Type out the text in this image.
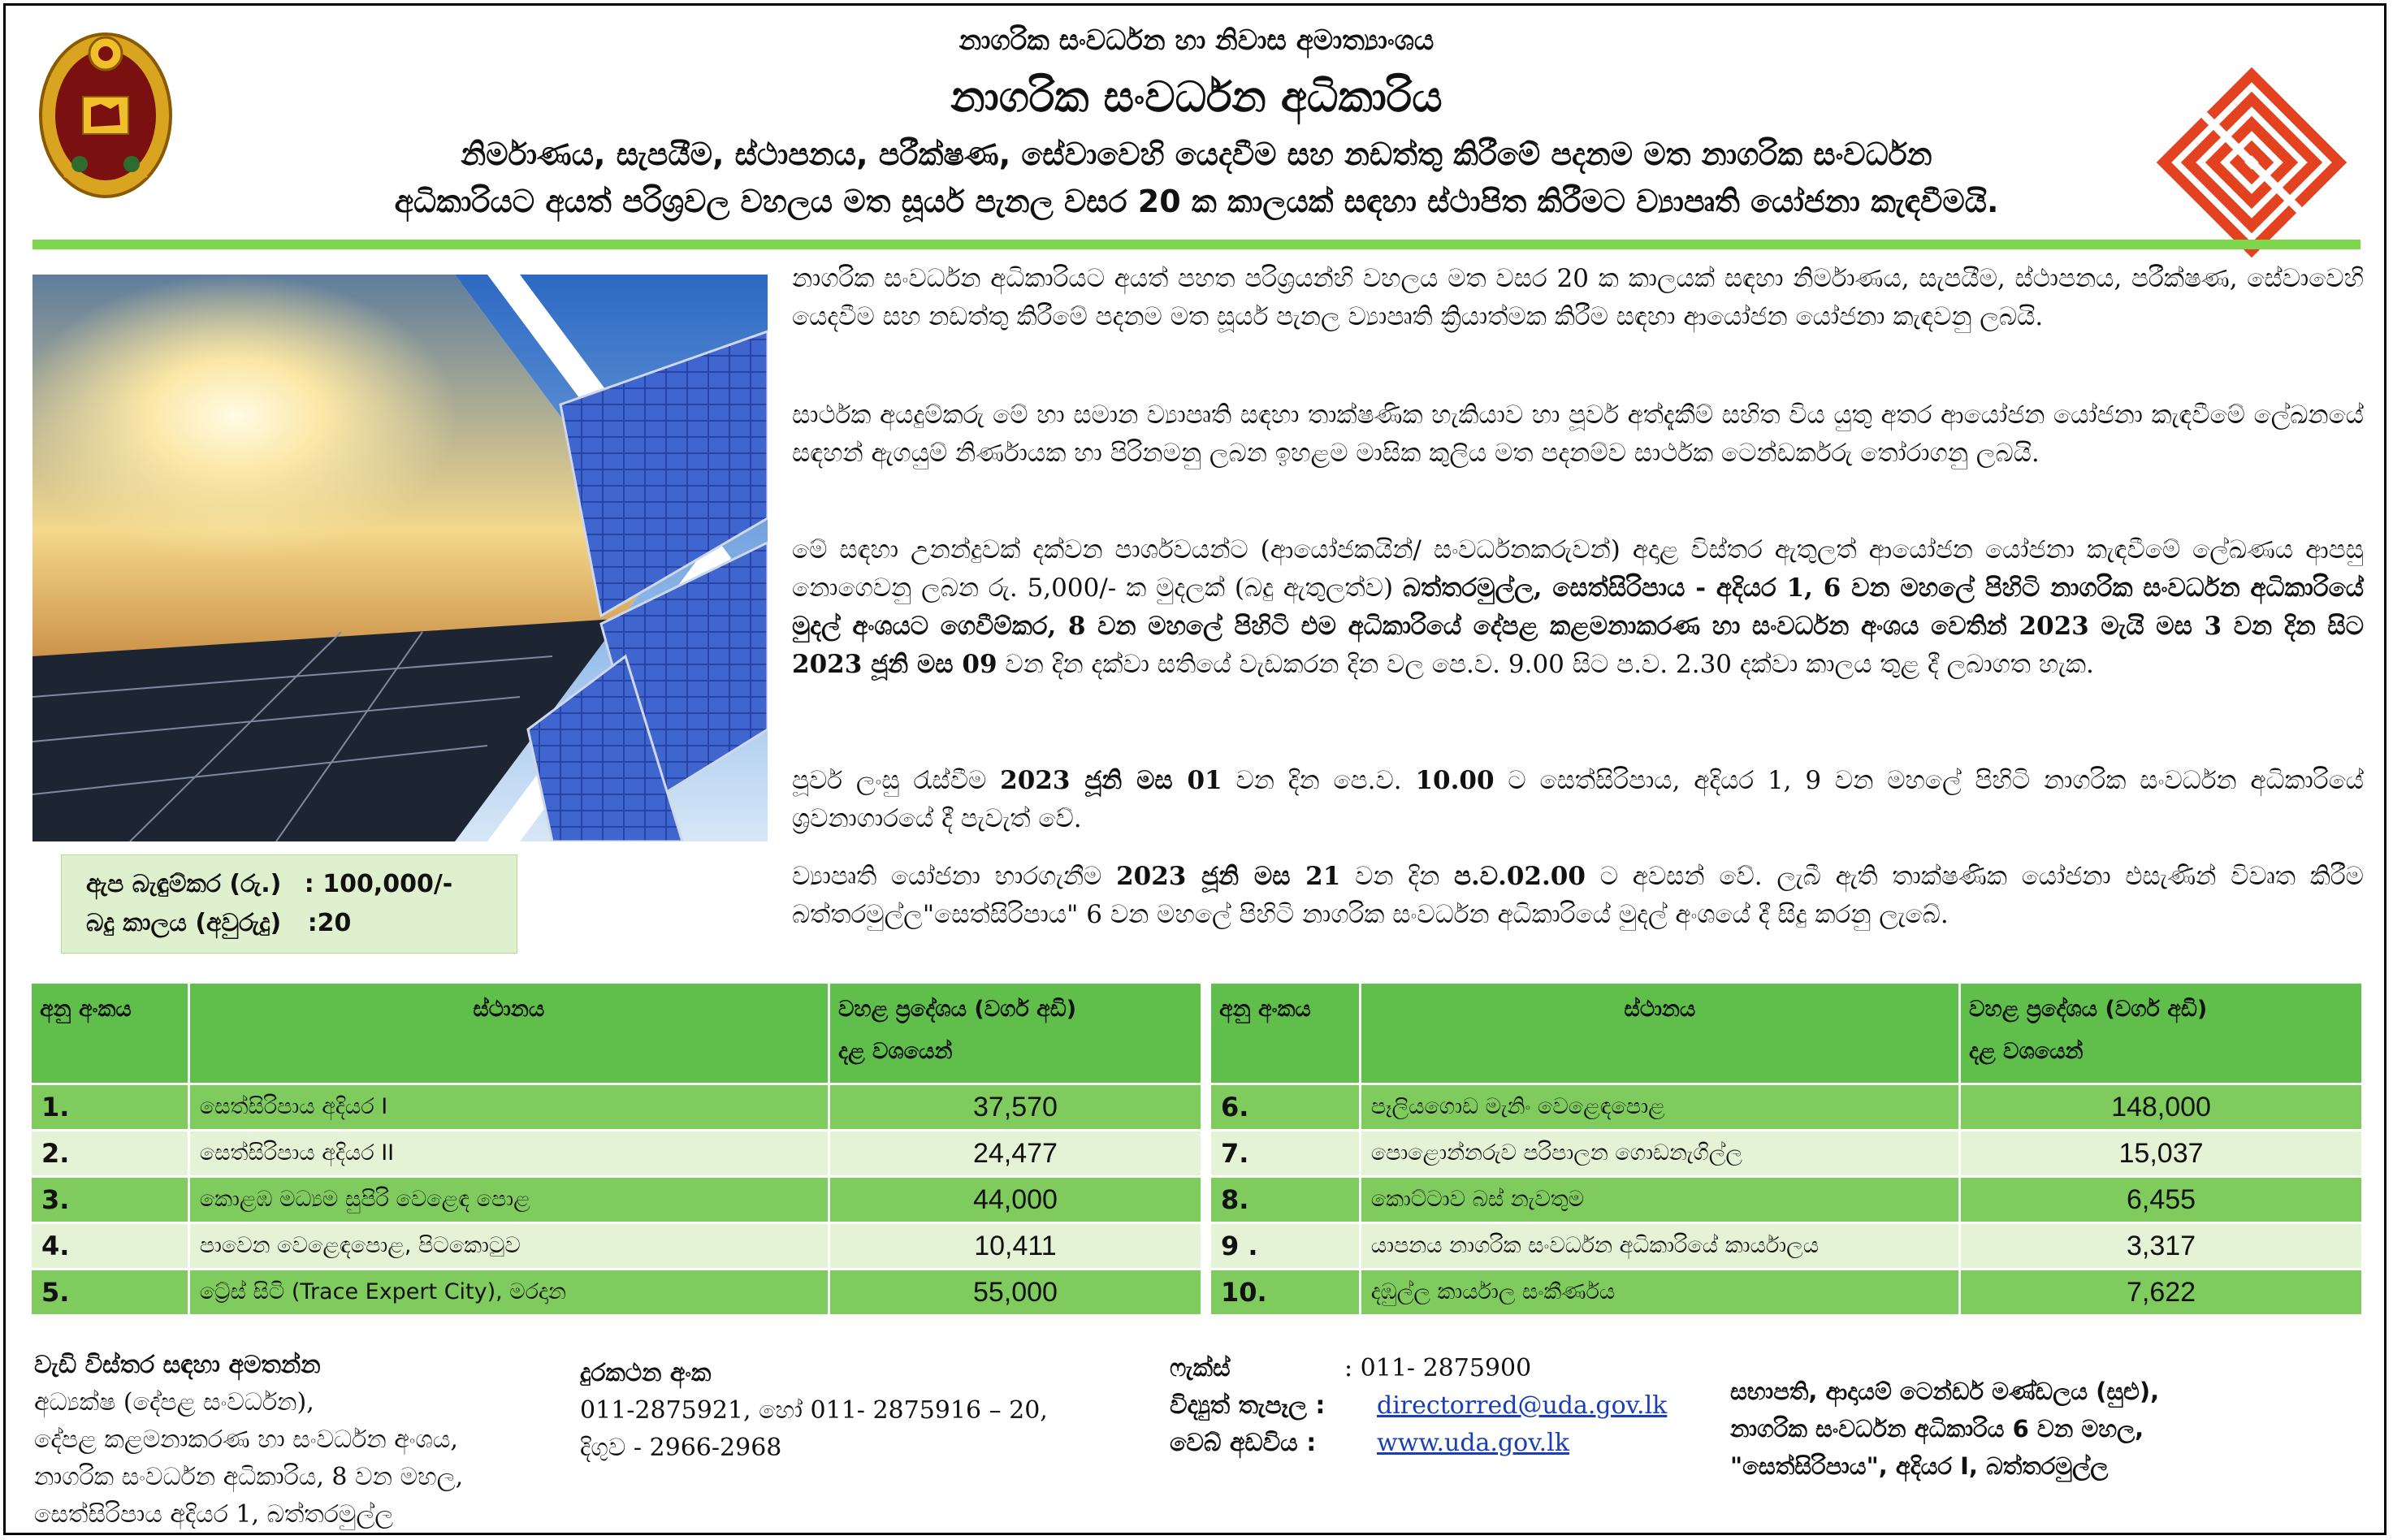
නාගරික සංවර්ධන හා නිවාස අමාත්‍යාංශය
නාගරික සංවර්ධන අධිකාරිය
නිර්මාණය, සැපයීම, ස්ථාපනය, පරීක්ෂණ, සේවාවෙහි යෙදවීම සහ නඩත්තු කිරීමේ පදනම මත නාගරික සංවර්ධන
අධිකාරියට අයත් පරිශ්‍රවල වහලය මත සූර්ය පැනල වසර 20 ක කාලයක් සඳහා ස්ථාපිත කිරීමට ව්‍යාපෘති යෝජනා කැඳවීමයි.
ඇප බැඳුම්කර (රු.) : 100,000/-
බදු කාලය (අවුරුදු) :20

නාගරික සංවර්ධන අධිකාරියට අයත් පහත පරිශ්‍රයන්හි වහලය මත වසර 20 ක කාලයක් සඳහා නිර්මාණය, සැපයීම, ස්ථාපනය, පරීක්ෂණ, සේවාවෙහි යෙදවීම සහ නඩත්තු කිරීමේ පදනම මත සූර්ය පැනල ව්‍යාපෘති ක්‍රියාත්මක කිරීම සඳහා ආයෝජන යෝජනා කැඳවනු ලබයි.

සාර්ථක අයදුම්කරු මේ හා සමාන ව්‍යාපෘති සඳහා තාක්ෂණික හැකියාව හා පූර්ව අත්දැකීම් සහිත විය යුතු අතර ආයෝජන යෝජනා කැඳවීමේ ලේඛනයේ සඳහන් ඇගයුම් නිර්ණායක හා පිරිනමනු ලබන ඉහළම මාසික කුලිය මත පදනම්ව සාර්ථක ටෙන්ඩර්කරු තෝරාගනු ලබයි.

මේ සඳහා උනන්දුවක් දක්වන පාර්ශවයන්ට (ආයෝජකයින්/ සංවර්ධනකරුවන්) අදාළ විස්තර ඇතුලත් ආයෝජන යෝජනා කැඳවීමේ ලේඛණය ආපසු නොගෙවනු ලබන රු. 5,000/- ක මුදලක් (බදු ඇතුලත්ව) බත්තරමුල්ල, සෙත්සිරිපාය - අදියර 1, 6 වන මහලේ පිහිටි නාගරික සංවර්ධන අධිකාරියේ මුදල් අංශයට ගෙවීම්කර, 8 වන මහලේ පිහිටි එම අධිකාරියේ දේපළ කළමනාකරණ හා සංවර්ධන අංශය වෙතින් 2023 මැයි මස 3 වන දින සිට 2023 ජූනි මස 09 වන දින දක්වා සතියේ වැඩකරන දින වල පෙ.ව. 9.00 සිට ප.ව. 2.30 දක්වා කාලය තුළ දී ලබාගත හැක.

පූර්ව ලංසු රැස්වීම 2023 ජූනි මස 01 වන දින පෙ.ව. 10.00 ට සෙත්සිරිපාය, අදියර 1, 9 වන මහලේ පිහිටි නාගරික සංවර්ධන අධිකාරියේ ශ්‍රවනාගාරයේ දී පැවැත් වේ.

ව්‍යාපෘති යෝජනා භාරගැනීම 2023 ජූනි මස 21 වන දින ප.ව.02.00 ට අවසන් වේ. ලැබී ඇති තාක්ෂණික යෝජනා එසැණින් විවෘත කිරීම බත්තරමුල්ල"සෙත්සිරිපාය" 6 වන මහලේ පිහිටි නාගරික සංවර්ධන අධිකාරියේ මුදල් අංශයේ දී සිදු කරනු ලැබේ.

අනු අංකය	ස්ථානය	වහළ ප්‍රදේශය (වර්ග අඩි)
දළ වශයෙන්
1.	සෙත්සිරිපාය අදියර I	37,570
2.	සෙත්සිරිපාය අදියර II	24,477
3.	කොළඹ මධ්‍යම සුපිරි වෙළෙඳ පොළ	44,000
4.	පාවෙන වෙළෙඳපොළ, පිටකොටුව	10,411
5.	ට්‍රේස් සිටි (Trace Expert City), මරදාන	55,000
අනු අංකය	ස්ථානය	වහළ ප්‍රදේශය (වර්ග අඩි)
දළ වශයෙන්
6.	පෑලියගොඩ මැනිං වෙළෙඳපොළ	148,000
7.	පොළොන්නරුව පරිපාලන ගොඩනැගිල්ල	15,037
8.	කොට්ටාව බස් නැවතුම	6,455
9 .	යාපනය නාගරික සංවර්ධන අධිකාරියේ කාර්යාලය	3,317
10.	දඹුල්ල කාර්යාල සංකීර්ණය	7,622
වැඩි විස්තර සඳහා අමතන්න
අධ්‍යක්ෂ (දේපළ සංවර්ධන),
දේපළ කළමනාකරණ හා සංවර්ධන අංශය,
නාගරික සංවර්ධන අධිකාරිය, 8 වන මහල,
සෙත්සිරිපාය අදියර 1, බත්තරමුල්ල
දුරකථන අංක
011-2875921, හෝ 011- 2875916 – 20,
දිගුව - 2966-2968
ෆැක්ස්	: 011- 2875900
විද්‍යුත් තැපෑල : directorred@uda.gov.lk
වෙබ් අඩවිය : www.uda.gov.lk
සභාපති, ආදායම් ටෙන්ඩර් මණ්ඩලය (සුළු),
නාගරික සංවර්ධන අධිකාරිය 6 වන මහල,
"සෙත්සිරිපාය", අදියර I, බත්තරමුල්ල
